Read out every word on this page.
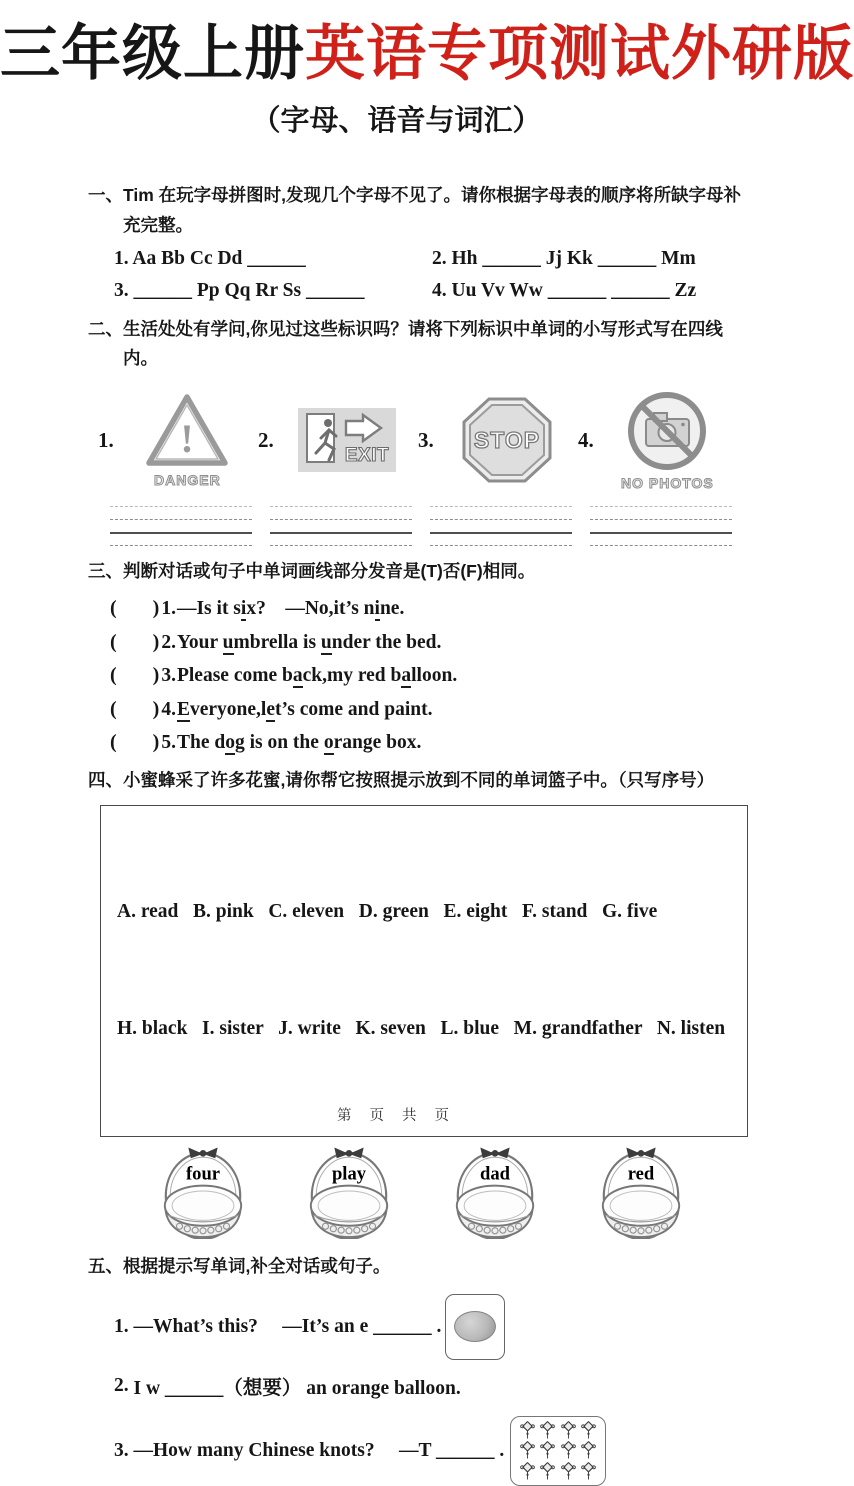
三年级上册英语专项测试外研版
（字母、语音与词汇）
一、 Tim 在玩字母拼图时,发现几个字母不见了。请你根据字母表的顺序将所缺字母补充完整。
1. Aa Bb Cc Dd ______	2. Hh ______ Jj Kk ______ Mm
3. ______ Pp Qq Rr Ss ______	4. Uu Vv Ww ______ ______ Zz
二、 生活处处有学问,你见过这些标识吗？请将下列标识中单词的小写形式写在四线内。
1. !
DANGER
2.
EXIT
3. STOP 4.
NO PHOTOS
三、 判断对话或句子中单词画线部分发音是(T)否(F)相同。
( ) 1. —Is it six?    —No,it’s nine.
( ) 2. Your umbrella is under the bed.
( ) 3. Please come back,my red balloon.
( ) 4. Everyone,let’s come and paint.
( ) 5. The dog is on the orange box.
四、 小蜜蜂采了许多花蜜,请你帮它按照提示放到不同的单词篮子中。（只写序号）

A. read   B. pink   C. eleven   D. green   E. eight   F. stand   G. five

H. black   I. sister   J. write   K. seven   L. blue   M. grandfather   N. listen

four	play	dad	red
五、 根据提示写单词,补全对话或句子。
1. —What’s this?     —It’s an e ______ .
2. I w ______（想要） an orange balloon.
3. —How many Chinese knots?     —T ______ .
第 页 共 页
